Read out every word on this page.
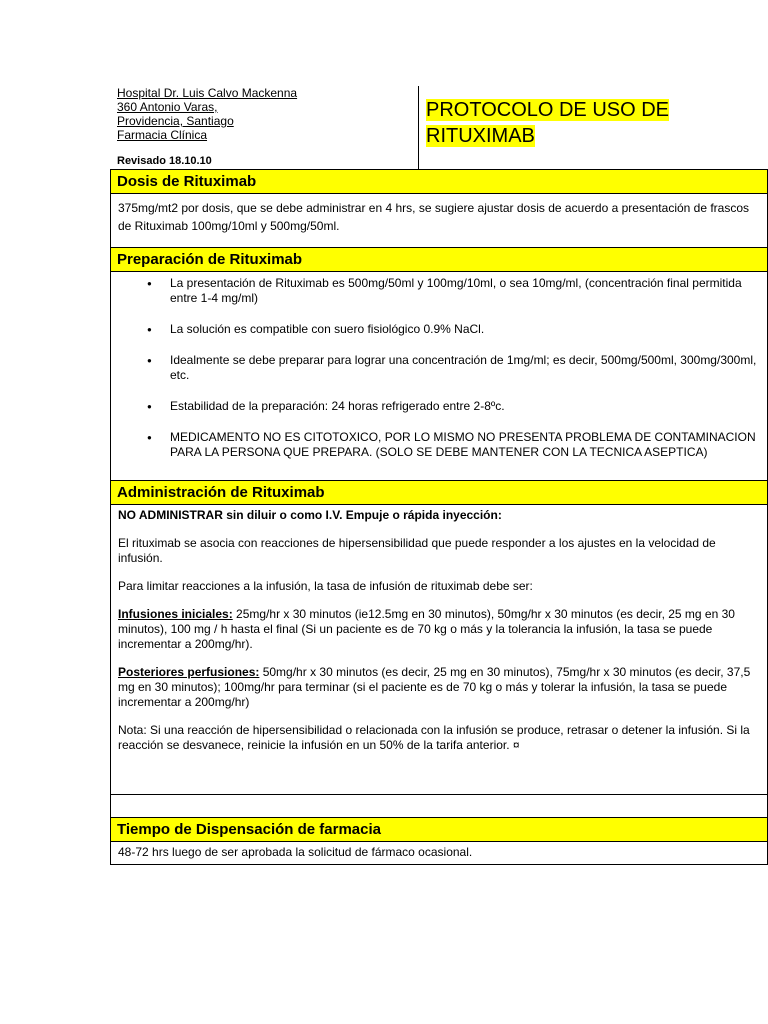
Hospital Dr. Luis Calvo Mackenna
360 Antonio Varas,
Providencia, Santiago
Farmacia Clínica
Revisado 18.10.10
PROTOCOLO DE USO DE
RITUXIMAB
Dosis de Rituximab
375mg/mt2 por dosis, que se debe administrar en 4 hrs, se sugiere ajustar dosis de acuerdo a presentación de frascos de Rituximab 100mg/10ml y 500mg/50ml.
Preparación de Rituximab
● La presentación de Rituximab es 500mg/50ml y 100mg/10ml, o sea 10mg/ml, (concentración final permitida entre 1-4 mg/ml)
● La solución es compatible con suero fisiológico 0.9% NaCl.
● Idealmente se debe preparar para lograr una concentración de 1mg/ml; es decir, 500mg/500ml, 300mg/300ml, etc.
● Estabilidad de la preparación: 24 horas refrigerado entre 2-8ºc.
● MEDICAMENTO NO ES CITOTOXICO, POR LO MISMO NO PRESENTA PROBLEMA DE CONTAMINACION PARA LA PERSONA QUE PREPARA. (SOLO SE DEBE MANTENER CON LA TECNICA ASEPTICA)
Administración de Rituximab

NO ADMINISTRAR sin diluir o como I.V. Empuje o rápida inyección:

El rituximab se asocia con reacciones de hipersensibilidad que puede responder a los ajustes en la velocidad de infusión.

Para limitar reacciones a la infusión, la tasa de infusión de rituximab debe ser:

Infusiones iniciales: 25mg/hr x 30 minutos (ie12.5mg en 30 minutos), 50mg/hr x 30 minutos (es decir, 25 mg en 30 minutos), 100 mg / h hasta el final (Si un paciente es de 70 kg o más y la tolerancia la infusión, la tasa se puede incrementar a 200mg/hr).

Posteriores perfusiones: 50mg/hr x 30 minutos (es decir, 25 mg en 30 minutos), 75mg/hr x 30 minutos (es decir, 37,5 mg en 30 minutos); 100mg/hr para terminar (si el paciente es de 70 kg o más y tolerar la infusión, la tasa se puede incrementar a 200mg/hr)

Nota: Si una reacción de hipersensibilidad o relacionada con la infusión se produce, retrasar o detener la infusión. Si la reacción se desvanece, reinicie la infusión en un 50% de la tarifa anterior. ¤

Tiempo de Dispensación de farmacia
48-72 hrs luego de ser aprobada la solicitud de fármaco ocasional.
